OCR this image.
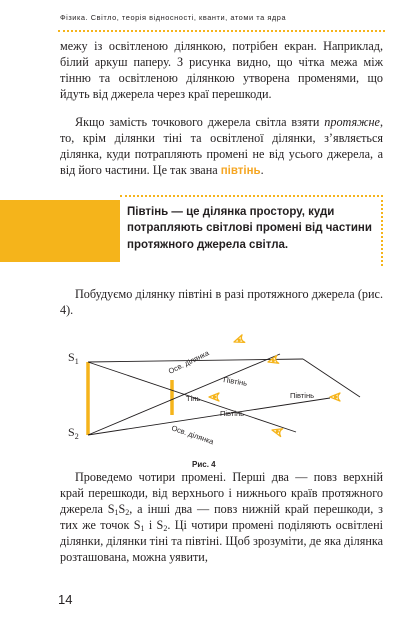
Фізика. Світло, теорія відносності, кванти, атоми та ядра

межу із освітленою ділянкою, потрібен екран. Наприклад, білий аркуш паперу. З рисунка видно, що чітка межа між тінню та освітленою ділянкою утворена променями, що йдуть від джерела через краї перешкоди.

Якщо замість точкового джерела світла взяти протяжне, то, крім ділянки тіні та освітленої ділянки, з’являється ділянка, куди потрапляють промені не від усього джерела, а від його частини. Це так звана півтінь.

Півтінь — це ділянка простору, куди потрапляють світлові промені від частини протяжного джерела світла.

Побудуємо ділянку півтіні в разі протяжного джерела (рис. 4).

$S_1$
$S_2$
Осв. ділянка
Півтінь
Тінь	Півтінь
Півтінь
Осв. ділянка
Рис. 4

Проведемо чотири промені. Перші два — повз верхній край перешкоди, від верхнього і нижнього країв протяжного джерела $S_1S_2$, а інші два — повз нижній край перешкоди, з тих же точок $S_1$ і $S_2$. Ці чотири промені поділяють освітлені ділянки, ділянки тіні та півтіні. Щоб зрозуміти, де яка ділянка розташована, можна уявити,

14
